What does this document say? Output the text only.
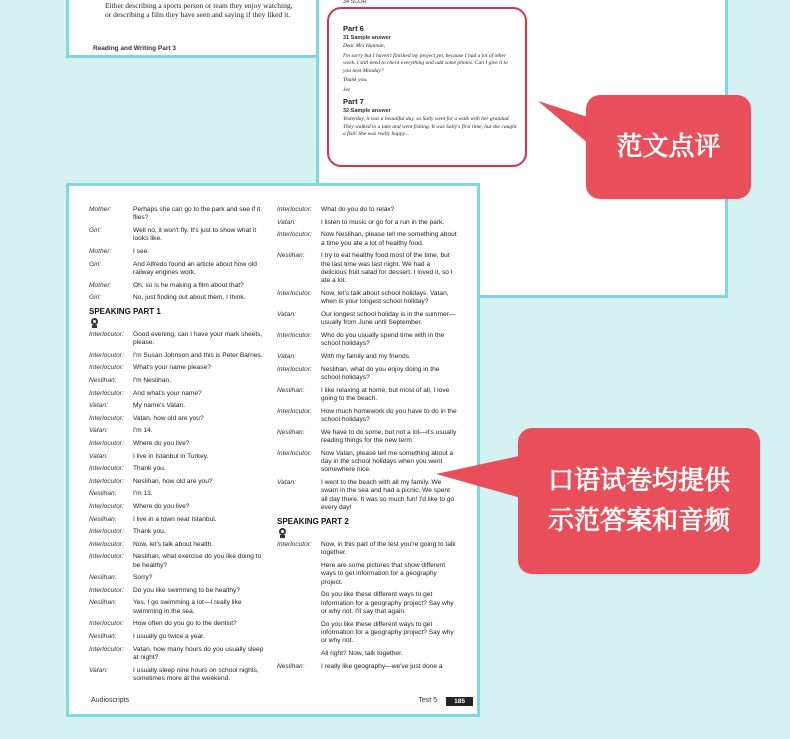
Either describing a sports person or team they enjoy watching, or describing a film they have seen and saying if they liked it.
Reading and Writing Part 3
34 SCOR
Part 6
31 Sample answer
Dear Mrs Hannan,
I'm sorry but I haven't finished my project yet, because I had a lot of other work. I still need to check everything and add some photos. Can I give it to you next Monday?
Thank you.
Jez
Part 7
32 Sample answer
Yesterday, it was a beautiful day, so Sally went for a walk with her grandad. They walked to a lake and went fishing. It was Sally's first time, but she caught a fish! She was really happy...
Mother:	Perhaps she can go to the park and see if it flies?
Girl:	Well no, it won't fly. It's just to show what it looks like.
Mother:	I see.
Girl:	And Alfredo found an article about how old railway engines work.
Mother:	Oh, so is he making a film about that?
Girl:	No, just finding out about them, I think.
SPEAKING PART 1
Interlocutor:	Good evening, can I have your mark sheets, please.
Interlocutor:	I'm Susan Johnson and this is Peter Barnes.
Interlocutor:	What's your name please?
Neslihan:	I'm Neslihan.
Interlocutor:	And what's your name?
Vatan:	My name's Vatan.
Interlocutor:	Vatan, how old are you?
Vatan:	I'm 14.
Interlocutor:	Where do you live?
Vatan:	I live in Istanbul in Turkey.
Interlocutor:	Thank you.
Interlocutor:	Neslihan, how old are you?
Neslihan:	I'm 13.
Interlocutor:	Where do you live?
Neslihan:	I live in a town near Istanbul.
Interlocutor:	Thank you.
Interlocutor:	Now, let's talk about health.
Interlocutor:	Neslihan, what exercise do you like doing to be healthy?
Neslihan:	Sorry?
Interlocutor:	Do you like swimming to be healthy?
Neslihan:	Yes, I go swimming a lot—I really like swimming in the sea.
Interlocutor:	How often do you go to the dentist?
Neslihan:	I usually go twice a year.
Interlocutor:	Vatan, how many hours do you usually sleep at night?
Vatan:	I usually sleep nine hours on school nights, sometimes more at the weekend.
Interlocutor:	What do you do to relax?
Vatan:	I listen to music or go for a run in the park.
Interlocutor:	Now Neslihan, please tell me something about a time you ate a lot of healthy food.
Neslihan:	I try to eat healthy food most of the time, but the last time was last night. We had a delicious fruit salad for dessert. I loved it, so I ate a lot.
Interlocutor:	Now, let's talk about school holidays. Vatan, when is your longest school holiday?
Vatan:	Our longest school holiday is in the summer—usually from June until September.
Interlocutor:	Who do you usually spend time with in the school holidays?
Vatan:	With my family and my friends.
Interlocutor:	Neslihan, what do you enjoy doing in the school holidays?
Neslihan:	I like relaxing at home, but most of all, I love going to the beach.
Interlocutor:	How much homework do you have to do in the school holidays?
Neslihan:	We have to do some, but not a lot—it's usually reading things for the new term.
Interlocutor:	Now Vatan, please tell me something about a day in the school holidays when you went somewhere nice.
Vatan:	I went to the beach with all my family. We swam in the sea and had a picnic. We spent all day there. It was so much fun! I'd like to go every day!
SPEAKING PART 2
Interlocutor:	Now, in this part of the test you're going to talk together.
Here are some pictures that show different ways to get information for a geography project.
Do you like these different ways to get information for a geography project? Say why or why not. I'll say that again.
Do you like these different ways to get information for a geography project? Say why or why not.
All right? Now, talk together.
Neslihan:	I really like geography—we've just done a
Audioscripts	Test 5	185
范文点评
口语试卷均提供
示范答案和音频
